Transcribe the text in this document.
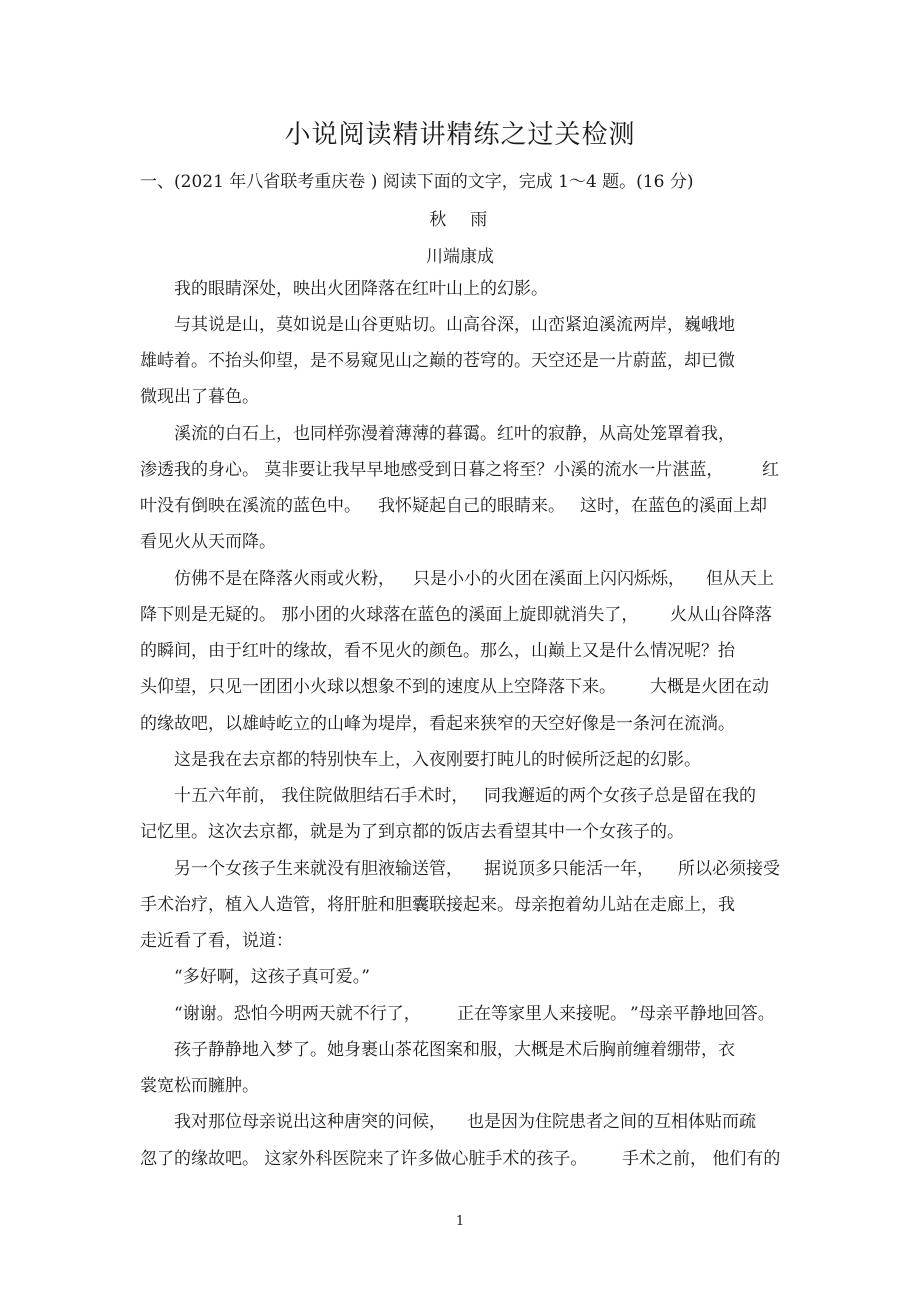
小说阅读精讲精练之过关检测
一、(2021 年八省联考重庆卷 ) 阅读下面的文字，完成 1～4 题。(16 分)
秋　雨
川端康成
我的眼睛深处，映出火团降落在红叶山上的幻影。
与其说是山，莫如说是山谷更贴切。山高谷深，山峦紧迫溪流两岸，巍峨地
雄峙着。不抬头仰望，是不易窥见山之巅的苍穹的。天空还是一片蔚蓝，却已微
微现出了暮色。
溪流的白石上，也同样弥漫着薄薄的暮霭。红叶的寂静，从高处笼罩着我，
渗透我的身心。 莫非要让我早早地感受到日暮之将至？小溪的流水一片湛蓝， 红
叶没有倒映在溪流的蓝色中。 我怀疑起自己的眼睛来。 这时，在蓝色的溪面上却
看见火从天而降。
仿佛不是在降落火雨或火粉， 只是小小的火团在溪面上闪闪烁烁， 但从天上
降下则是无疑的。 那小团的火球落在蓝色的溪面上旋即就消失了， 火从山谷降落
的瞬间，由于红叶的缘故，看不见火的颜色。那么，山巅上又是什么情况呢？抬
头仰望，只见一团团小火球以想象不到的速度从上空降落下来。 大概是火团在动
的缘故吧，以雄峙屹立的山峰为堤岸，看起来狭窄的天空好像是一条河在流淌。
这是我在去京都的特别快车上，入夜刚要打盹儿的时候所泛起的幻影。
十五六年前， 我住院做胆结石手术时， 同我邂逅的两个女孩子总是留在我的
记忆里。这次去京都，就是为了到京都的饭店去看望其中一个女孩子的。
另一个女孩子生来就没有胆液输送管， 据说顶多只能活一年， 所以必须接受
手术治疗，植入人造管，将肝脏和胆囊联接起来。母亲抱着幼儿站在走廊上，我
走近看了看，说道：
“多好啊，这孩子真可爱。”
“谢谢。恐怕今明两天就不行了， 正在等家里人来接呢。 ”母亲平静地回答。
孩子静静地入梦了。她身裹山茶花图案和服，大概是术后胸前缠着绷带，衣
裳宽松而臃肿。
我对那位母亲说出这种唐突的问候， 也是因为住院患者之间的互相体贴而疏
忽了的缘故吧。 这家外科医院来了许多做心脏手术的孩子。 手术之前， 他们有的
1
